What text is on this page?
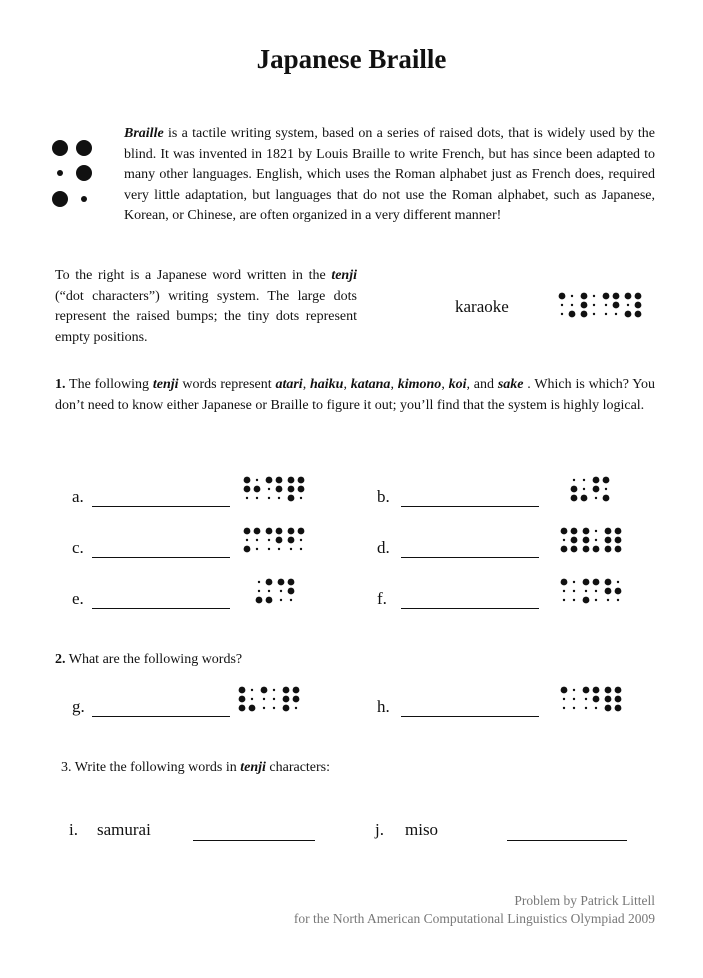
Japanese Braille
Braille is a tactile writing system, based on a series of raised dots, that is widely used by the blind. It was invented in 1821 by Louis Braille to write French, but has since been adapted to many other languages. English, which uses the Roman alphabet just as French does, required very little adaptation, but languages that do not use the Roman alphabet, such as Japanese, Korean, or Chinese, are often organized in a very different manner!
To the right is a Japanese word written in the tenji (“dot characters”) writing system. The large dots represent the raised bumps; the tiny dots represent empty positions.
karaoke
1. The following tenji words represent atari, haiku, katana, kimono, koi, and sake . Which is which? You don’t need to know either Japanese or Braille to figure it out; you’ll find that the system is highly logical.
a.	b.
c.	d.
e.	f.
2. What are the following words?
g.	h.
3. Write the following words in tenji characters:
i. samurai	j. miso
Problem by Patrick Littell
for the North American Computational Linguistics Olympiad 2009
